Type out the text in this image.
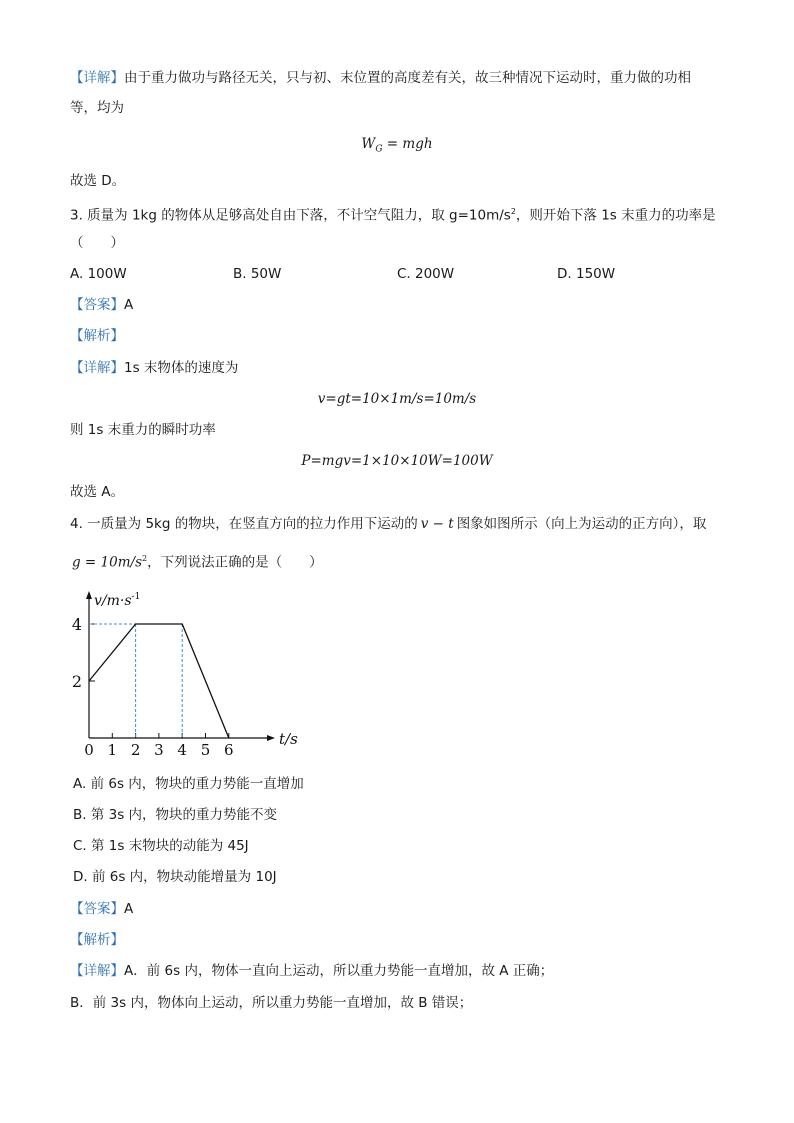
【详解】由于重力做功与路径无关，只与初、末位置的高度差有关，故三种情况下运动时，重力做的功相
等，均为
$W_G$ = mgh
故选 D。
3. 质量为 1kg 的物体从足够高处自由下落，不计空气阻力，取 $g=10m/s^2$，则开始下落 1s 末重力的功率是
（　　）
A. 100W	B. 50W	C. 200W	D. 150W
【答案】A
【解析】
【详解】1s 末物体的速度为
v=gt=10×1m/s=10m/s
则 1s 末重力的瞬时功率
P=mgv=1×10×10W=100W
故选 A。
4. 一质量为 5kg 的物块，在竖直方向的拉力作用下运动的 v − t 图象如图所示（向上为运动的正方向），取
$g = 10m/s^2$，下列说法正确的是（　　）
0 1 2 3 4 5 6
2
4
t/s
$v/m\cdot s^{-1}$
A. 前 6s 内，物块的重力势能一直增加
B. 第 3s 内，物块的重力势能不变
C. 第 1s 末物块的动能为 45J
D. 前 6s 内，物块动能增量为 10J
【答案】A
【解析】
【详解】A．前 6s 内，物体一直向上运动，所以重力势能一直增加，故 A 正确；
B．前 3s 内，物体向上运动，所以重力势能一直增加，故 B 错误；
